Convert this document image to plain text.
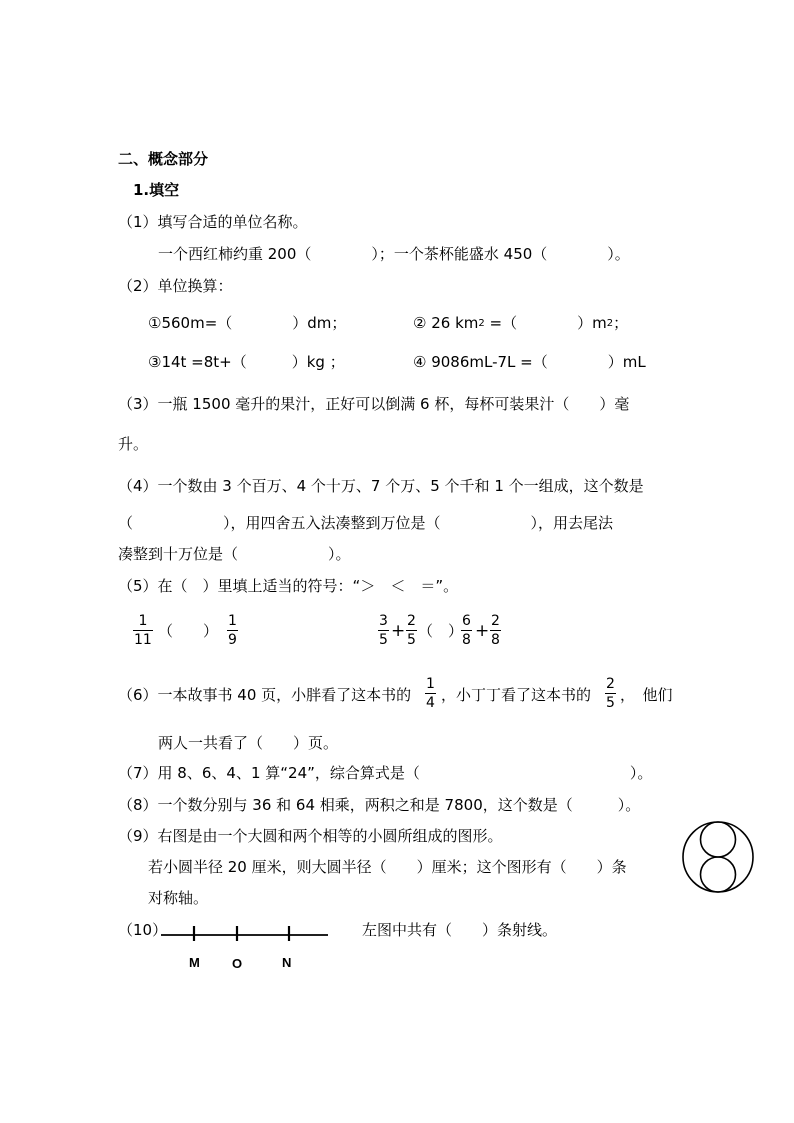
二、概念部分
1.填空
（1）填写合适的单位名称。
一个西红柿约重 200（　　　　）；一个茶杯能盛水 450（　　　　）。
（2）单位换算：
①560m=（　　　　）dm；	② 26 $km^2$ =（　　　　）$m^2$；
③14t =8t+（　　　）kg ；	④ 9086mL-7L =（　　　　）mL
（3）一瓶 1500 毫升的果汁，正好可以倒满 6 杯，每杯可装果汁（　　）毫
升。
（4）一个数由 3 个百万、4 个十万、7 个万、5 个千和 1 个一组成，这个数是
（　　　　　　），用四舍五入法凑整到万位是（　　　　　　），用去尾法
凑整到十万位是（　　　　　　）。
（5）在（　）里填上适当的符号：“＞　＜　＝”。
1
11 （　　）
1
9
3
5 + 2
5 （　）
6
8 + 2
8
（6）一本故事书 40 页，小胖看了这本书的
1
4 ，小丁丁看了这本书的
2
5 ，　他们
两人一共看了（　　）页。
（7）用 8、6、4、1 算“24”，综合算式是（　　　　　　　　　　　　　　）。
（8）一个数分别与 36 和 64 相乘，两积之和是 7800，这个数是（　　　）。
（9）右图是由一个大圆和两个相等的小圆所组成的图形。
若小圆半径 20 厘米，则大圆半径（　　）厘米；这个图形有（　　）条
对称轴。
（10）
M O	N
左图中共有（　　）条射线。
